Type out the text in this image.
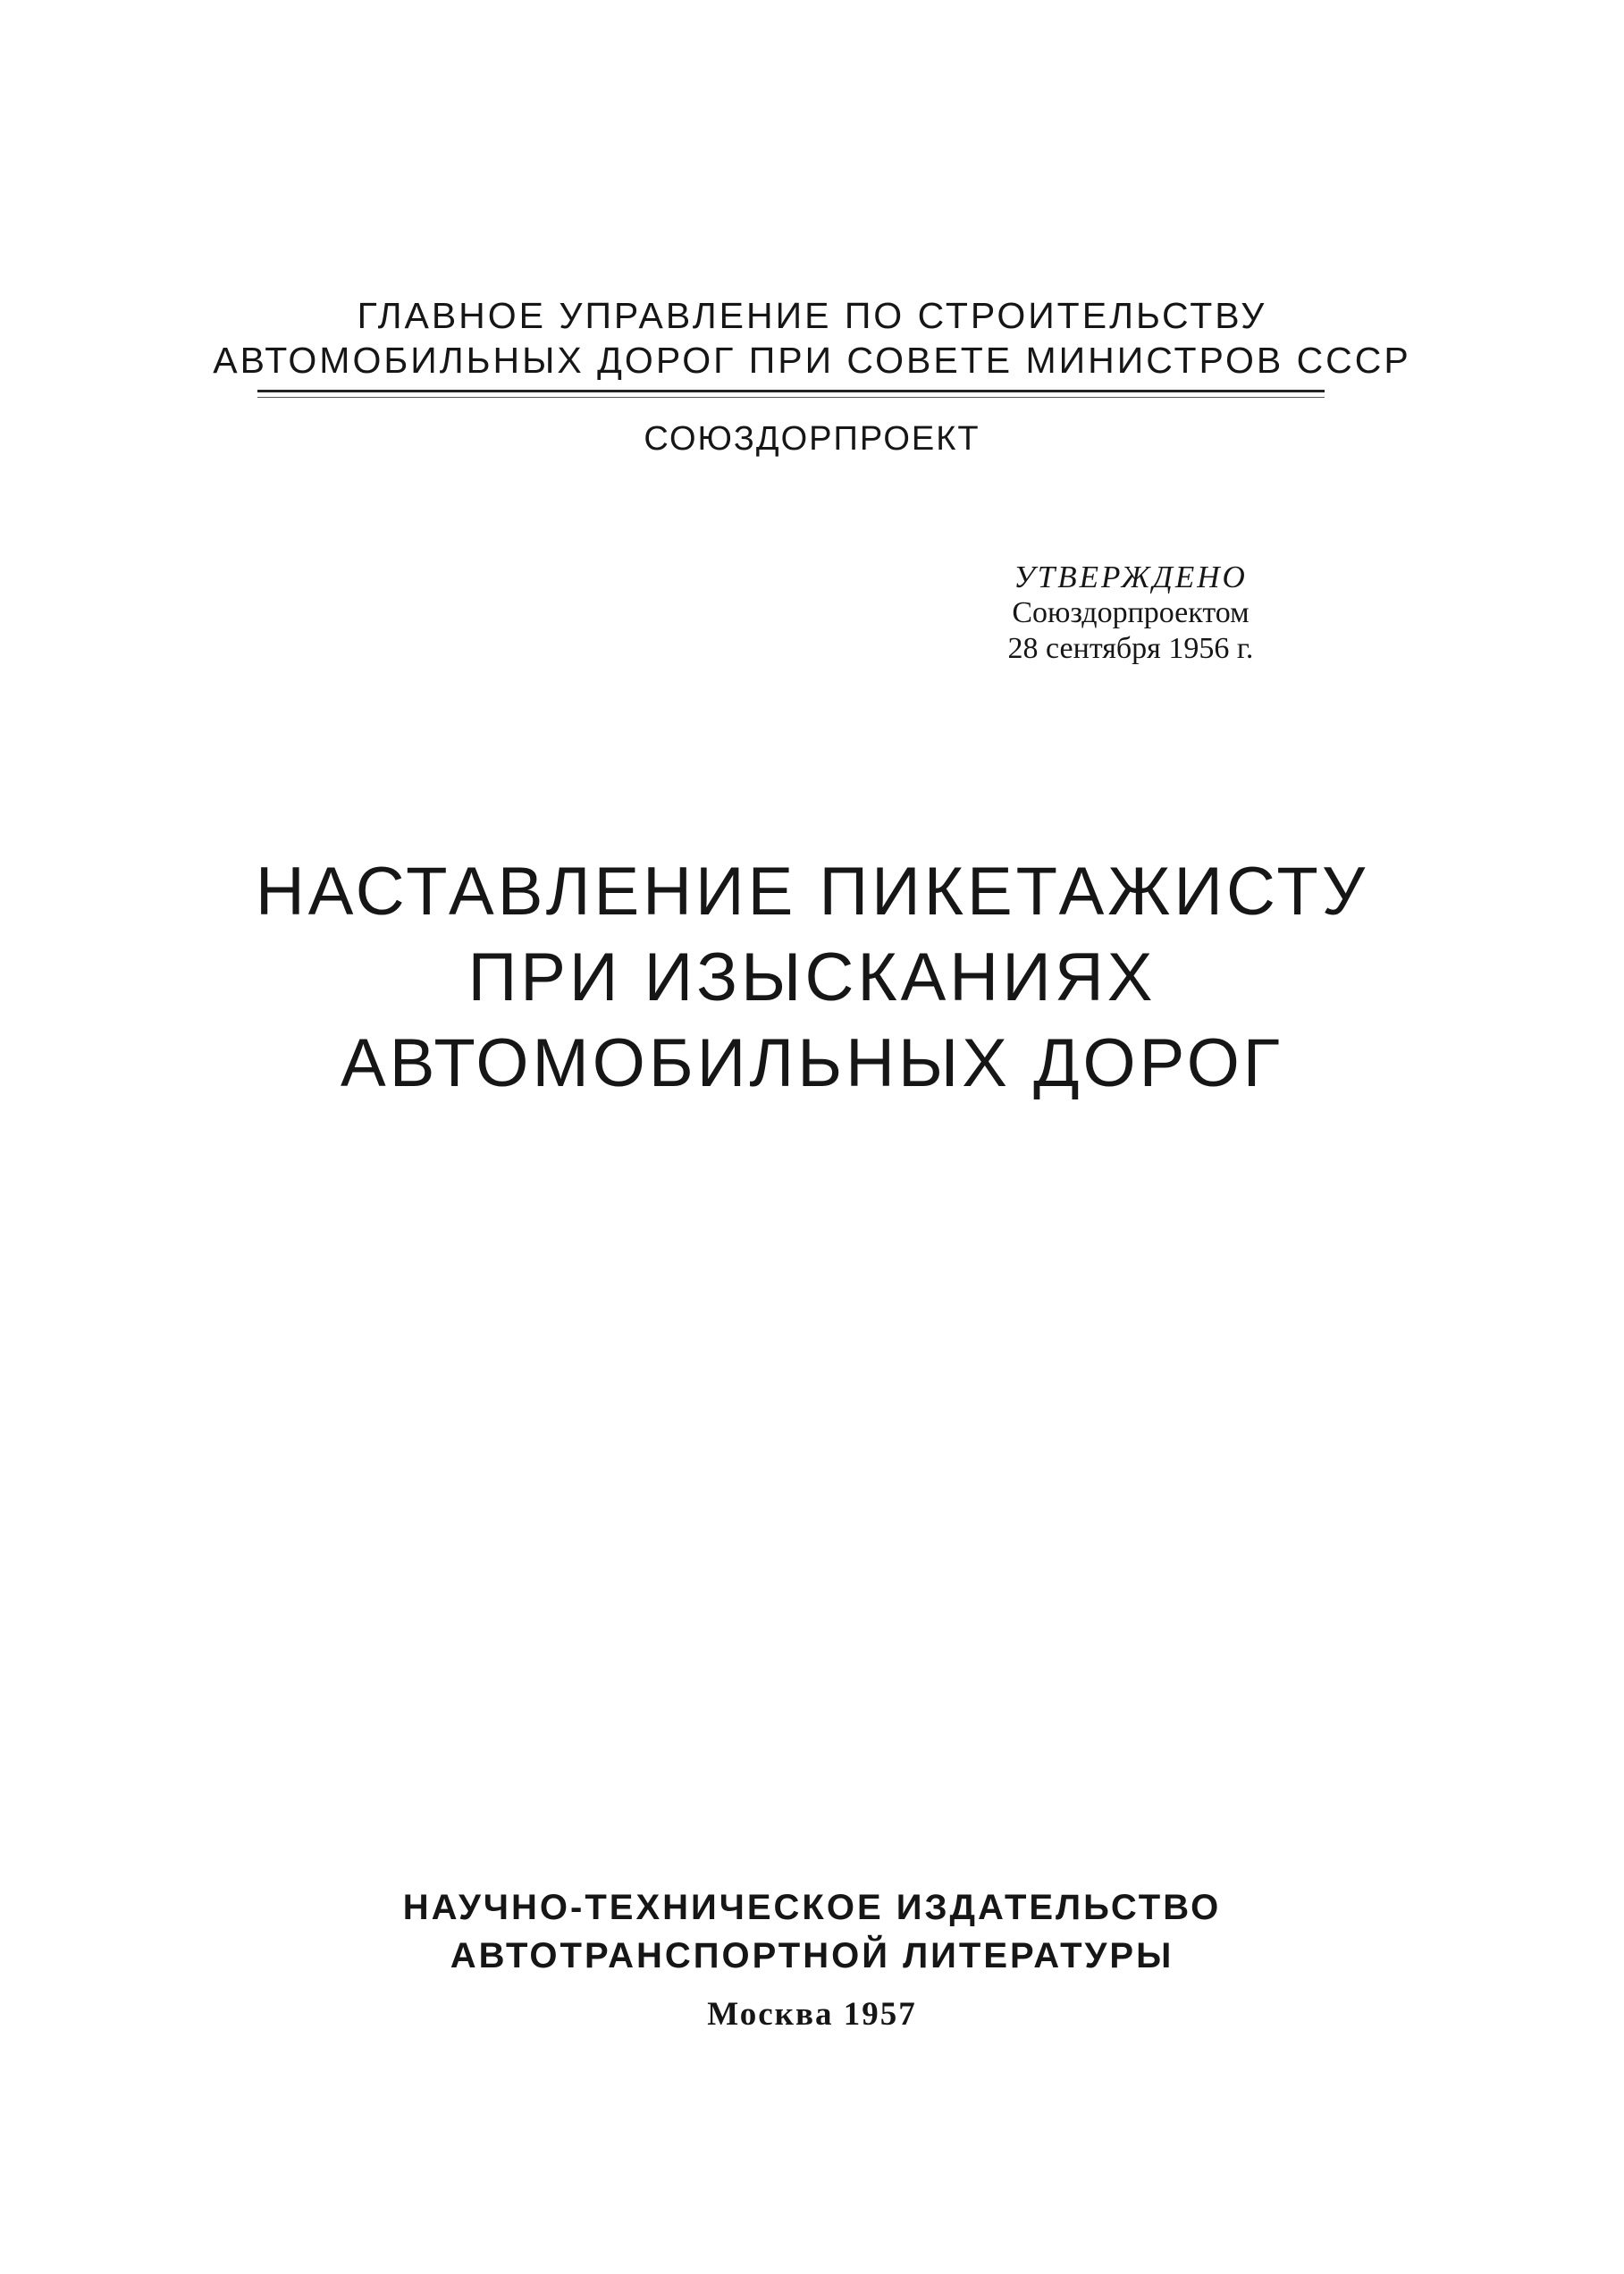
ГЛАВНОЕ УПРАВЛЕНИЕ ПО СТРОИТЕЛЬСТВУ
АВТОМОБИЛЬНЫХ ДОРОГ ПРИ СОВЕТЕ МИНИСТРОВ СССР
СОЮЗДОРПРОЕКТ
УТВЕРЖДЕНО
Союздорпроектом
28 сентября 1956 г.
НАСТАВЛЕНИЕ ПИКЕТАЖИСТУ
ПРИ ИЗЫСКАНИЯХ
АВТОМОБИЛЬНЫХ ДОРОГ
НАУЧНО-ТЕХНИЧЕСКОЕ ИЗДАТЕЛЬСТВО
АВТОТРАНСПОРТНОЙ ЛИТЕРАТУРЫ
Москва 1957
